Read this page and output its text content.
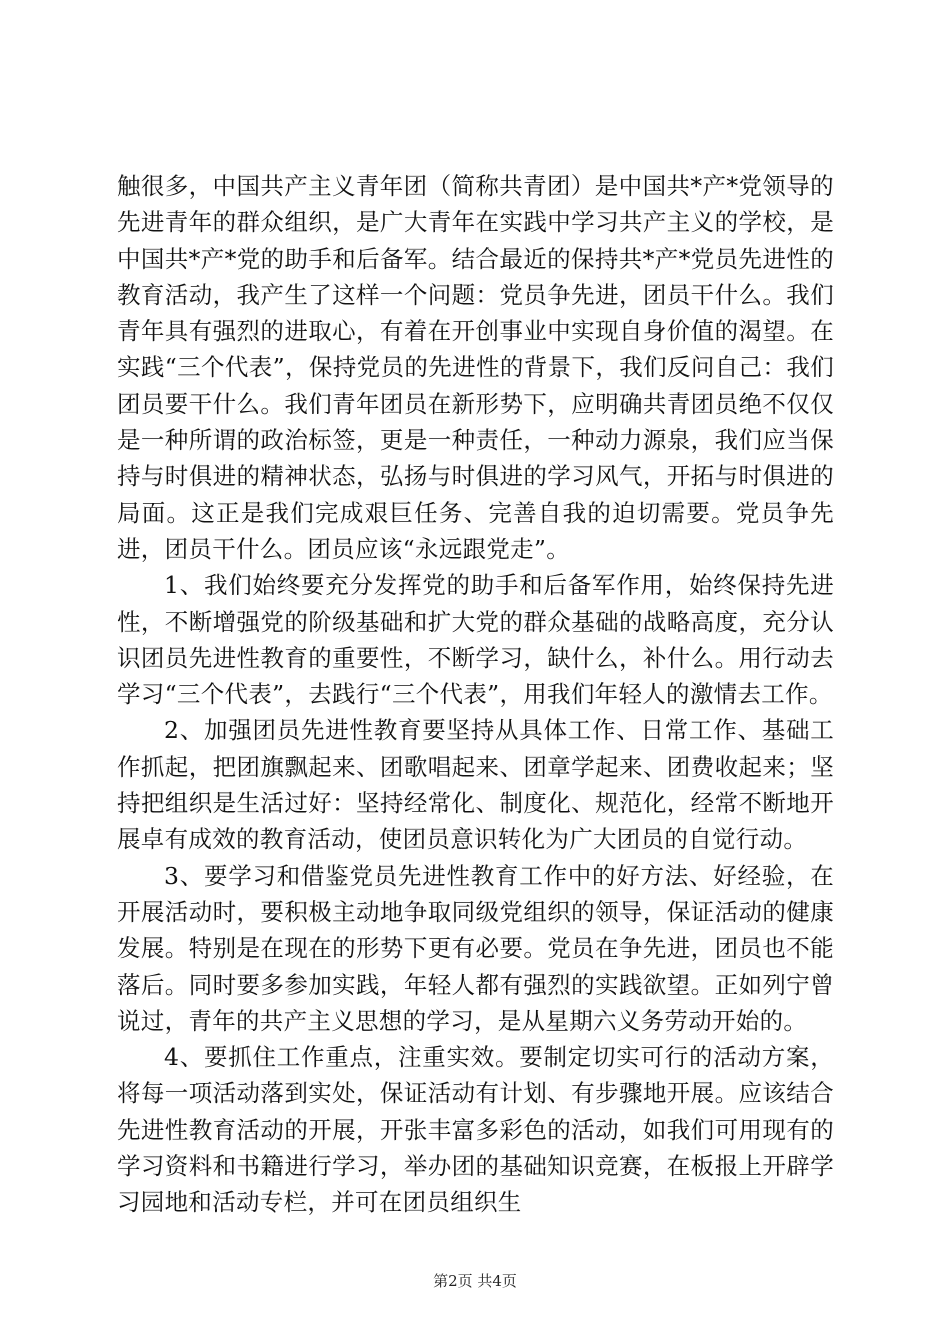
触很多，中国共产主义青年团（简称共青团）是中国共*产*党领导的先进青年的群众组织，是广大青年在实践中学习共产主义的学校，是中国共*产*党的助手和后备军。结合最近的保持共*产*党员先进性的教育活动，我产生了这样一个问题：党员争先进，团员干什么。我们青年具有强烈的进取心，有着在开创事业中实现自身价值的渴望。在实践“三个代表”，保持党员的先进性的背景下，我们反问自己：我们团员要干什么。我们青年团员在新形势下，应明确共青团员绝不仅仅是一种所谓的政治标签，更是一种责任，一种动力源泉，我们应当保持与时俱进的精神状态，弘扬与时俱进的学习风气，开拓与时俱进的局面。这正是我们完成艰巨任务、完善自我的迫切需要。党员争先进，团员干什么。团员应该“永远跟党走”。

1、我们始终要充分发挥党的助手和后备军作用，始终保持先进性，不断增强党的阶级基础和扩大党的群众基础的战略高度，充分认识团员先进性教育的重要性，不断学习，缺什么，补什么。用行动去学习“三个代表”，去践行“三个代表”，用我们年轻人的激情去工作。

2、加强团员先进性教育要坚持从具体工作、日常工作、基础工作抓起，把团旗飘起来、团歌唱起来、团章学起来、团费收起来；坚持把组织是生活过好：坚持经常化、制度化、规范化，经常不断地开展卓有成效的教育活动，使团员意识转化为广大团员的自觉行动。

3、要学习和借鉴党员先进性教育工作中的好方法、好经验，在开展活动时，要积极主动地争取同级党组织的领导，保证活动的健康发展。特别是在现在的形势下更有必要。党员在争先进，团员也不能落后。同时要多参加实践，年轻人都有强烈的实践欲望。正如列宁曾说过，青年的共产主义思想的学习，是从星期六义务劳动开始的。

4、要抓住工作重点，注重实效。要制定切实可行的活动方案，将每一项活动落到实处，保证活动有计划、有步骤地开展。应该结合先进性教育活动的开展，开张丰富多彩色的活动，如我们可用现有的学习资料和书籍进行学习，举办团的基础知识竞赛，在板报上开辟学习园地和活动专栏，并可在团员组织生

第2页 共4页
